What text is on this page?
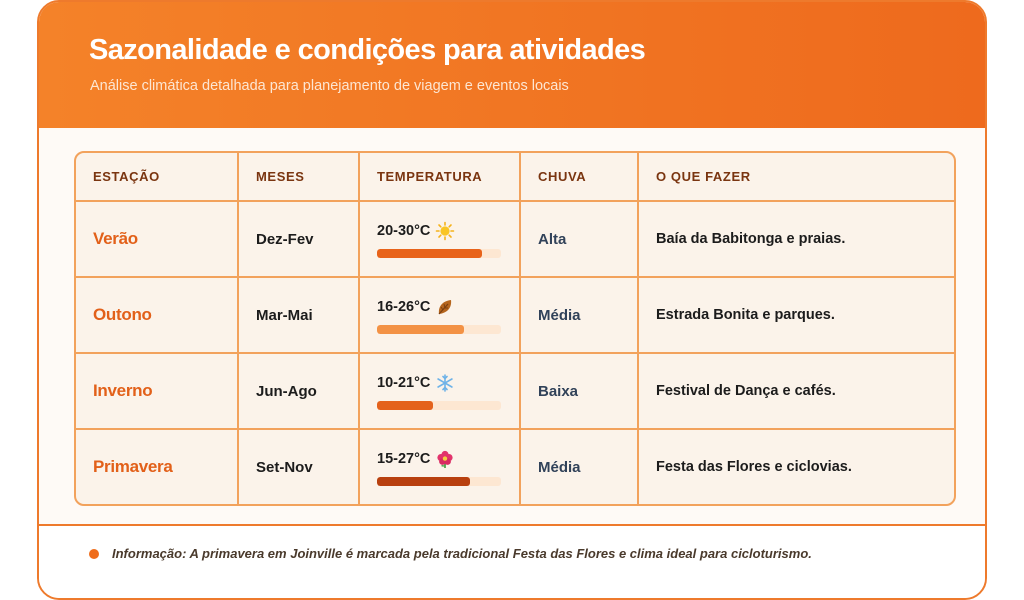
Sazonalidade e condições para atividades
Análise climática detalhada para planejamento de viagem e eventos locais
ESTAÇÃO	MESES	TEMPERATURA	CHUVA	O QUE FAZER
Verão	Dez-Fev	20-30°C	Alta	Baía da Babitonga e praias.
Outono	Mar-Mai	16-26°C	Média	Estrada Bonita e parques.
Inverno	Jun-Ago	10-21°C	Baixa	Festival de Dança e cafés.
Primavera	Set-Nov	15-27°C	Média	Festa das Flores e ciclovias.
Informação: A primavera em Joinville é marcada pela tradicional Festa das Flores e clima ideal para cicloturismo.
